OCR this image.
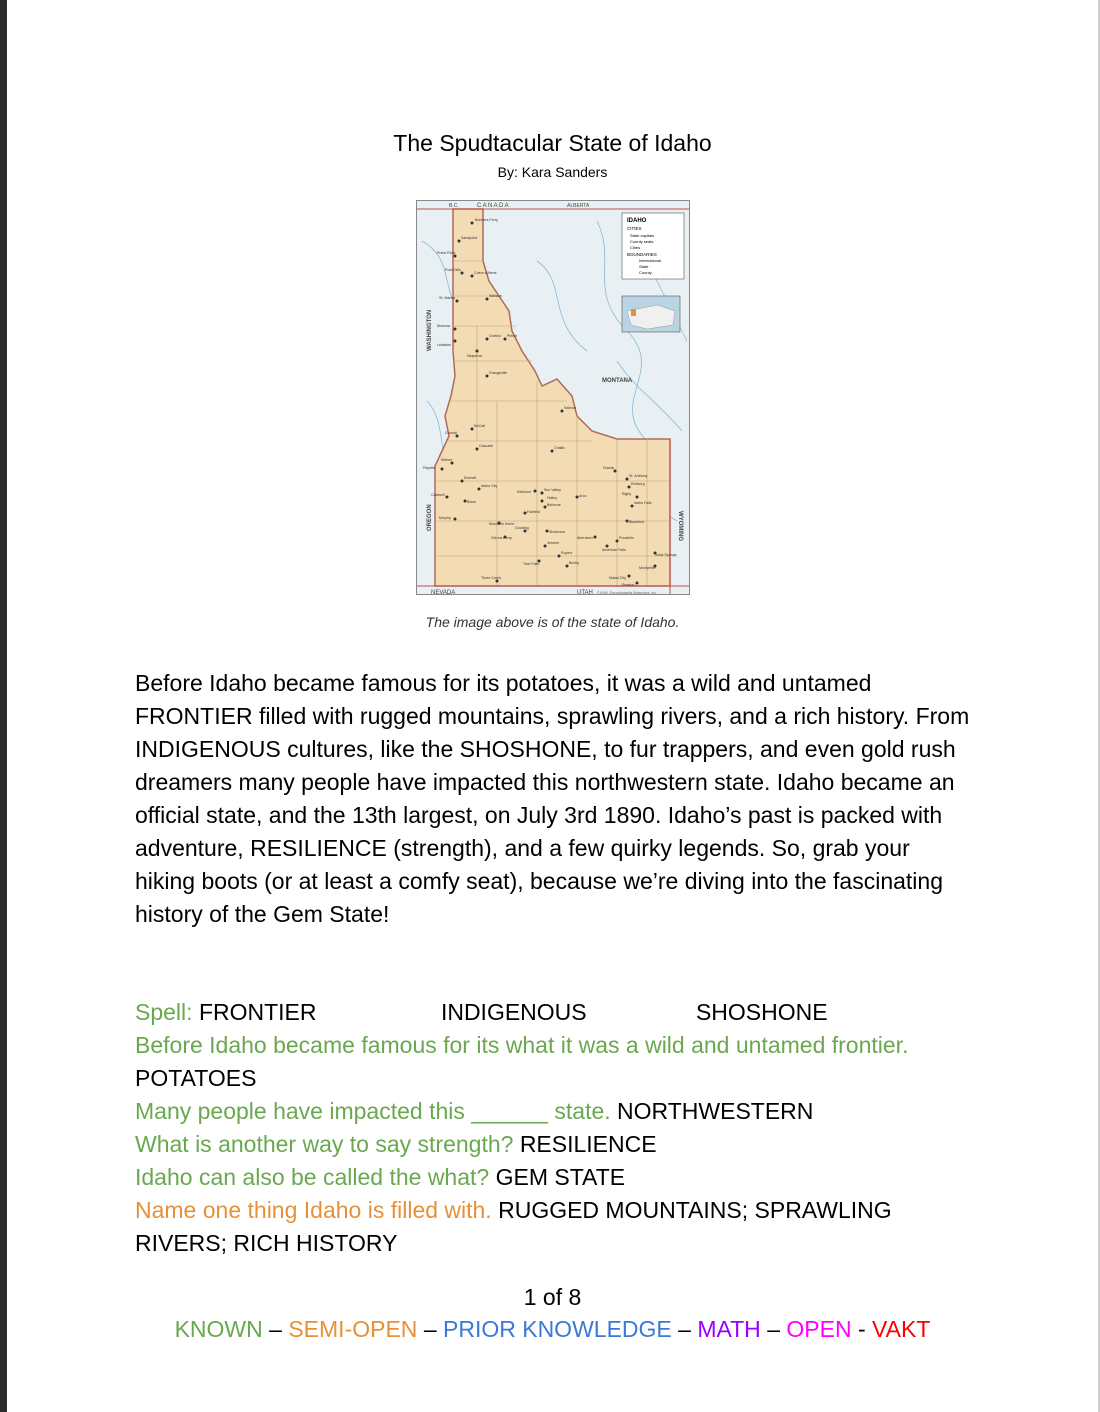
The Spudtacular State of Idaho
By: Kara Sanders
IDAHO
CITIES
State capitals
County seats
Cities
BOUNDARIES
International
State
County
C A N A D A
B.C.	ALBERTA
MONTANA
NEVADA	UTAH ©1999, Encyclopædia Britannica, Inc.
WASHINGTON
OREGON	WYOMING
Bonners Ferry
Sandpoint
Priest River
Post Falls
Coeur d'Alene
St. Maries	Wallace
Moscow
Lewiston
Orofino Pierce
Nezperce
Grangeville
Salmon
Challis
McCall
Cascade
Council
Weiser
Payette
Emmett
Idaho City
Caldwell
Boise
Murphy
Ketchum	Sun Valley
Hailey
Bellevue
Fairfield
Mountain Home
Glenns Ferry
Gooding
Shoshone
Jerome
Twin Falls
Rupert
Burley
Three Creek
Arco
Dubois
St. Anthony
Rexburg
Rigby
Idaho Falls
Blackfoot
Aberdeen	Pocatello
American Falls
Soda Springs
Montpelier
Malad City
Preston
The image above is of the state of Idaho.
Before Idaho became famous for its potatoes, it was a wild and untamed FRONTIER filled with rugged mountains, sprawling rivers, and a rich history. From INDIGENOUS cultures, like the SHOSHONE, to fur trappers, and even gold rush dreamers many people have impacted this northwestern state. Idaho became an official state, and the 13th largest, on July 3rd 1890. Idaho’s past is packed with adventure, RESILIENCE (strength), and a few quirky legends. So, grab your hiking boots (or at least a comfy seat), because we’re diving into the fascinating history of the Gem State!
Spell: FRONTIER	INDIGENOUS	SHOSHONE
Before Idaho became famous for its what it was a wild and untamed frontier. POTATOES
Many people have impacted this ______ state. NORTHWESTERN
What is another way to say strength? RESILIENCE
Idaho can also be called the what? GEM STATE
Name one thing Idaho is filled with. RUGGED MOUNTAINS; SPRAWLING RIVERS; RICH HISTORY
1 of 8
KNOWN – SEMI-OPEN – PRIOR KNOWLEDGE – MATH – OPEN - VAKT
